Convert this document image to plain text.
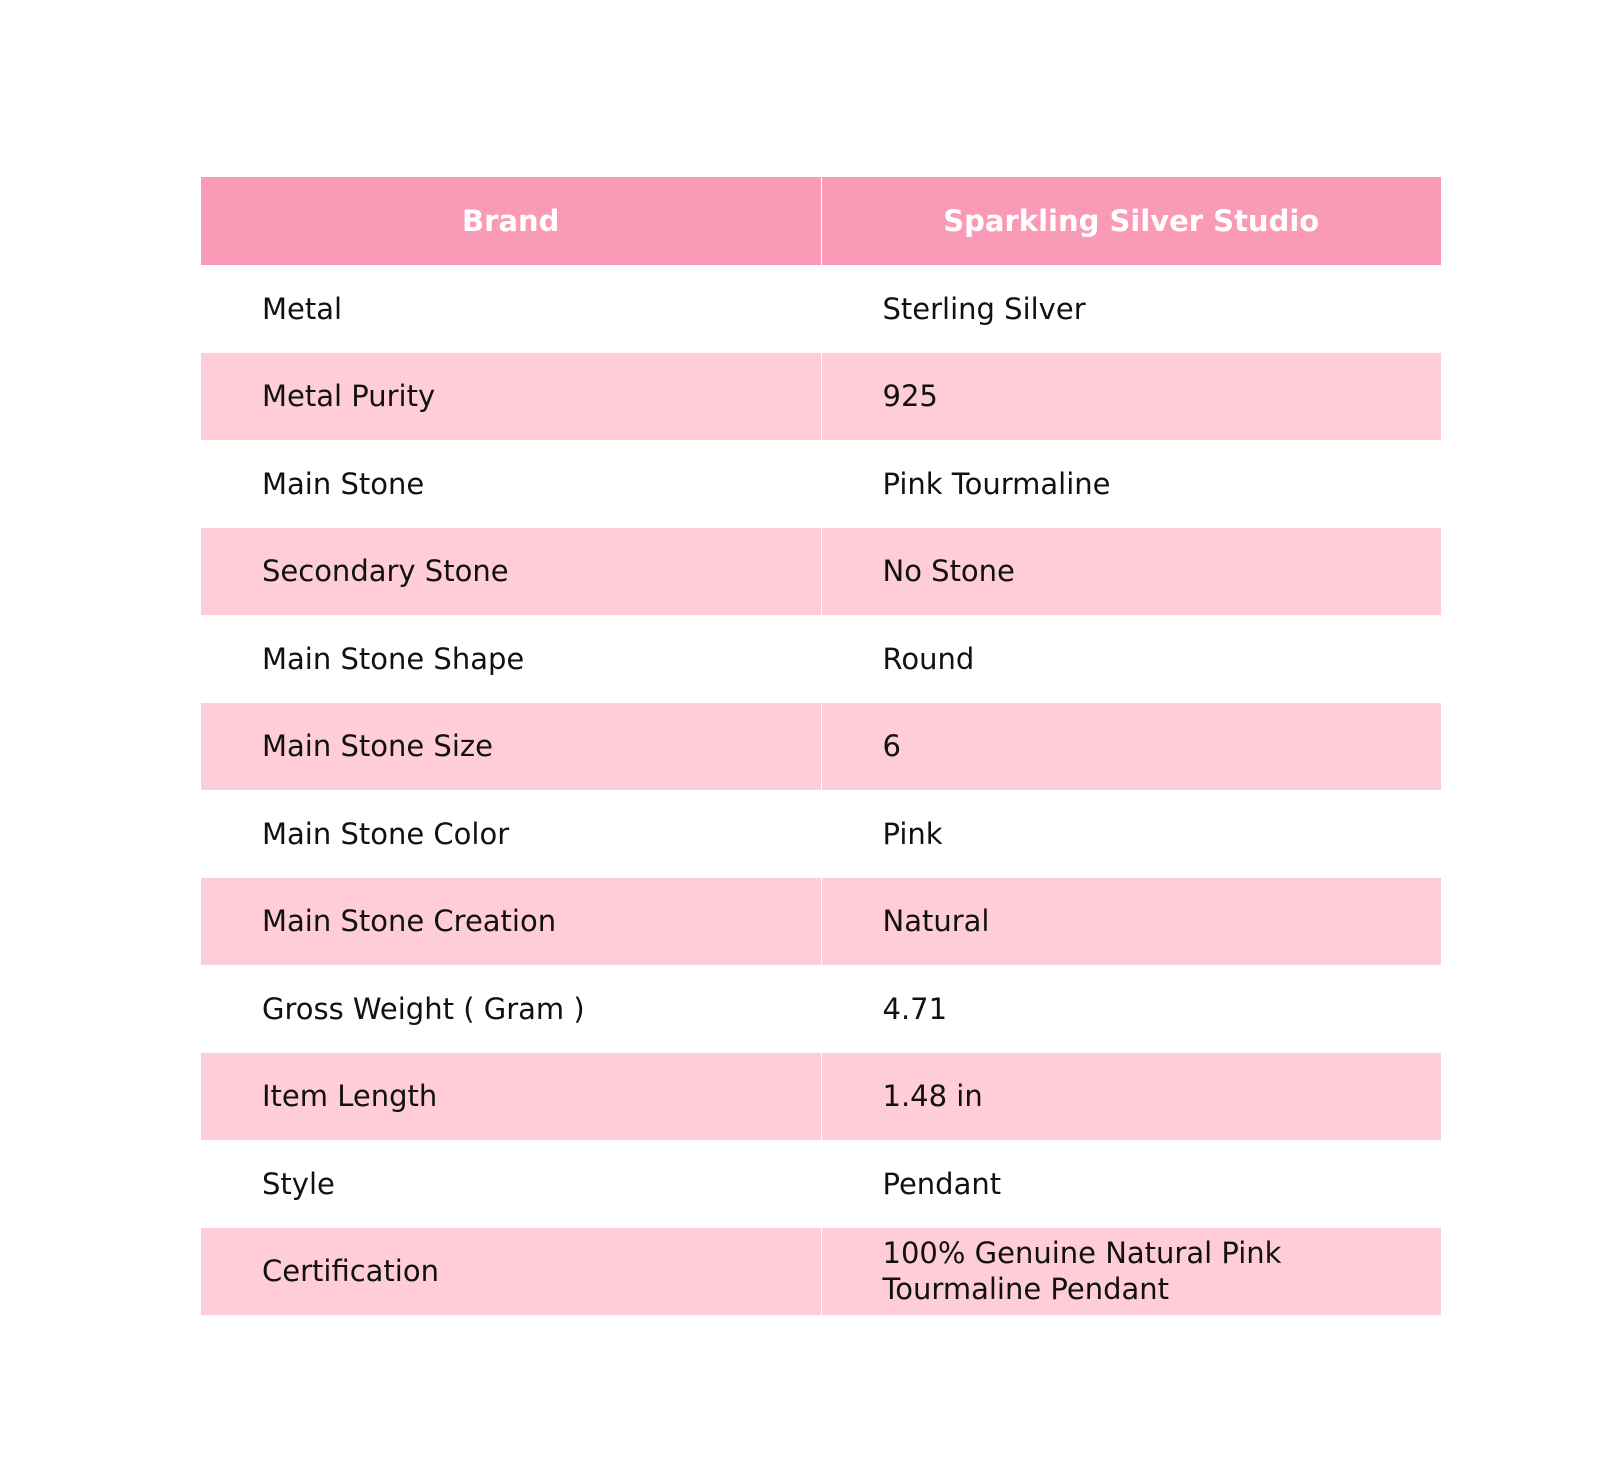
Brand	Sparkling Silver Studio
Metal	Sterling Silver
Metal Purity	925
Main Stone	Pink Tourmaline
Secondary Stone	No Stone
Main Stone Shape	Round
Main Stone Size	6
Main Stone Color	Pink
Main Stone Creation	Natural
Gross Weight ( Gram )	4.71
Item Length	1.48 in
Style	Pendant
Certification	100% Genuine Natural Pink Tourmaline Pendant
